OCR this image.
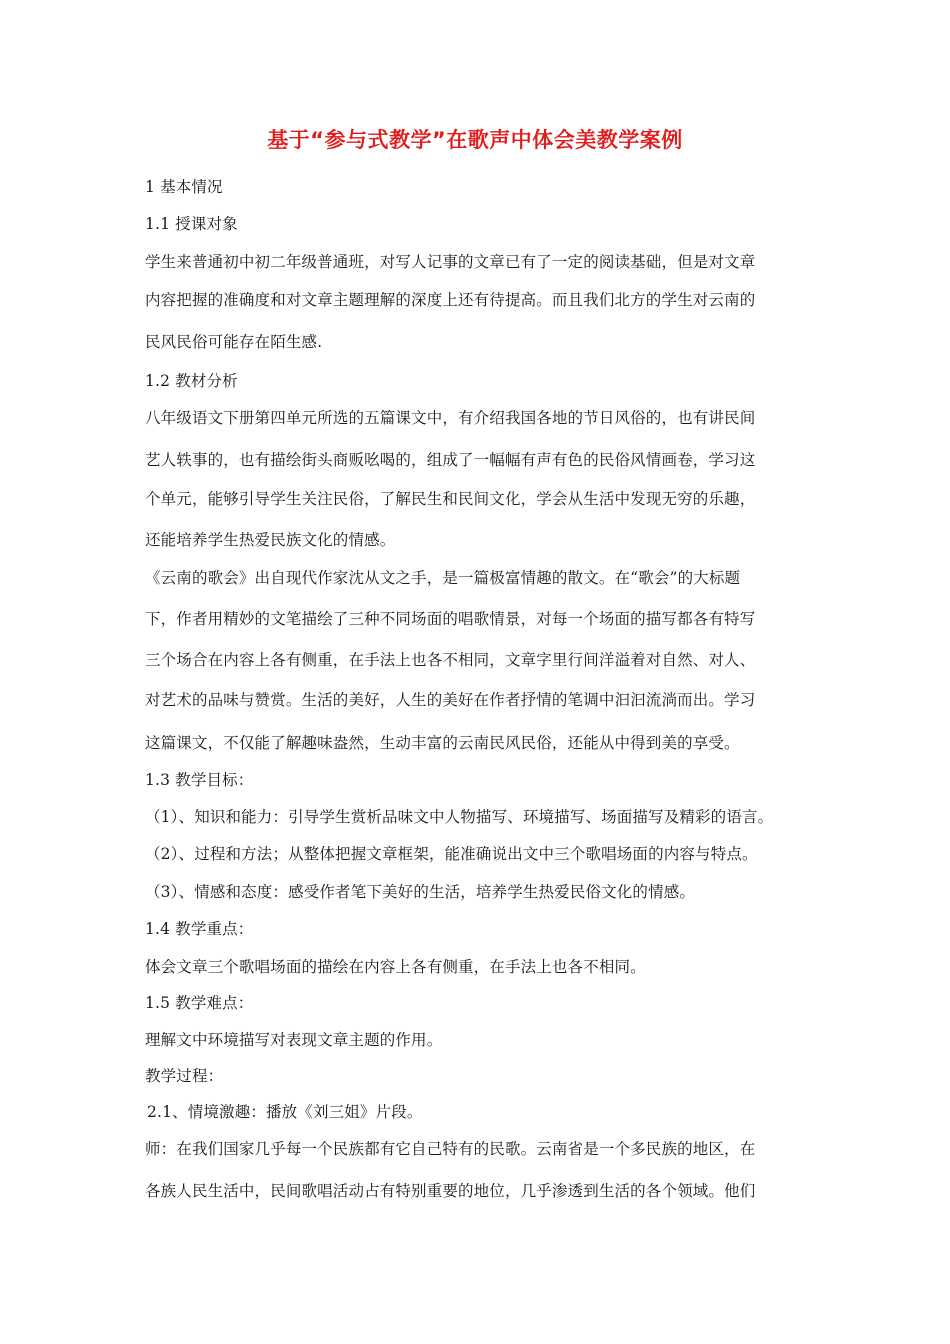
基于“参与式教学”在歌声中体会美教学案例
1 基本情况
1.1 授课对象
学生来普通初中初二年级普通班，对写人记事的文章已有了一定的阅读基础，但是对文章
内容把握的准确度和对文章主题理解的深度上还有待提高。而且我们北方的学生对云南的
民风民俗可能存在陌生感.
1.2 教材分析
八年级语文下册第四单元所选的五篇课文中，有介绍我国各地的节日风俗的，也有讲民间
艺人轶事的，也有描绘街头商贩吆喝的，组成了一幅幅有声有色的民俗风情画卷，学习这
个单元，能够引导学生关注民俗，了解民生和民间文化，学会从生活中发现无穷的乐趣，
还能培养学生热爱民族文化的情感。
《云南的歌会》出自现代作家沈从文之手，是一篇极富情趣的散文。在“歌会”的大标题
下，作者用精妙的文笔描绘了三种不同场面的唱歌情景，对每一个场面的描写都各有特写
三个场合在内容上各有侧重，在手法上也各不相同，文章字里行间洋溢着对自然、对人、
对艺术的品味与赞赏。生活的美好，人生的美好在作者抒情的笔调中汩汩流淌而出。学习
这篇课文，不仅能了解趣味盎然，生动丰富的云南民风民俗，还能从中得到美的享受。
1.3 教学目标：
（1）、知识和能力：引导学生赏析品味文中人物描写、环境描写、场面描写及精彩的语言。
（2）、过程和方法；从整体把握文章框架，能准确说出文中三个歌唱场面的内容与特点。
（3）、情感和态度：感受作者笔下美好的生活，培养学生热爱民俗文化的情感。
1.4 教学重点：
体会文章三个歌唱场面的描绘在内容上各有侧重，在手法上也各不相同。
1.5 教学难点：
理解文中环境描写对表现文章主题的作用。
教学过程：
2.1、情境激趣：播放《刘三姐》片段。
师：在我们国家几乎每一个民族都有它自己特有的民歌。云南省是一个多民族的地区，在
各族人民生活中，民间歌唱活动占有特别重要的地位，几乎渗透到生活的各个领域。他们
